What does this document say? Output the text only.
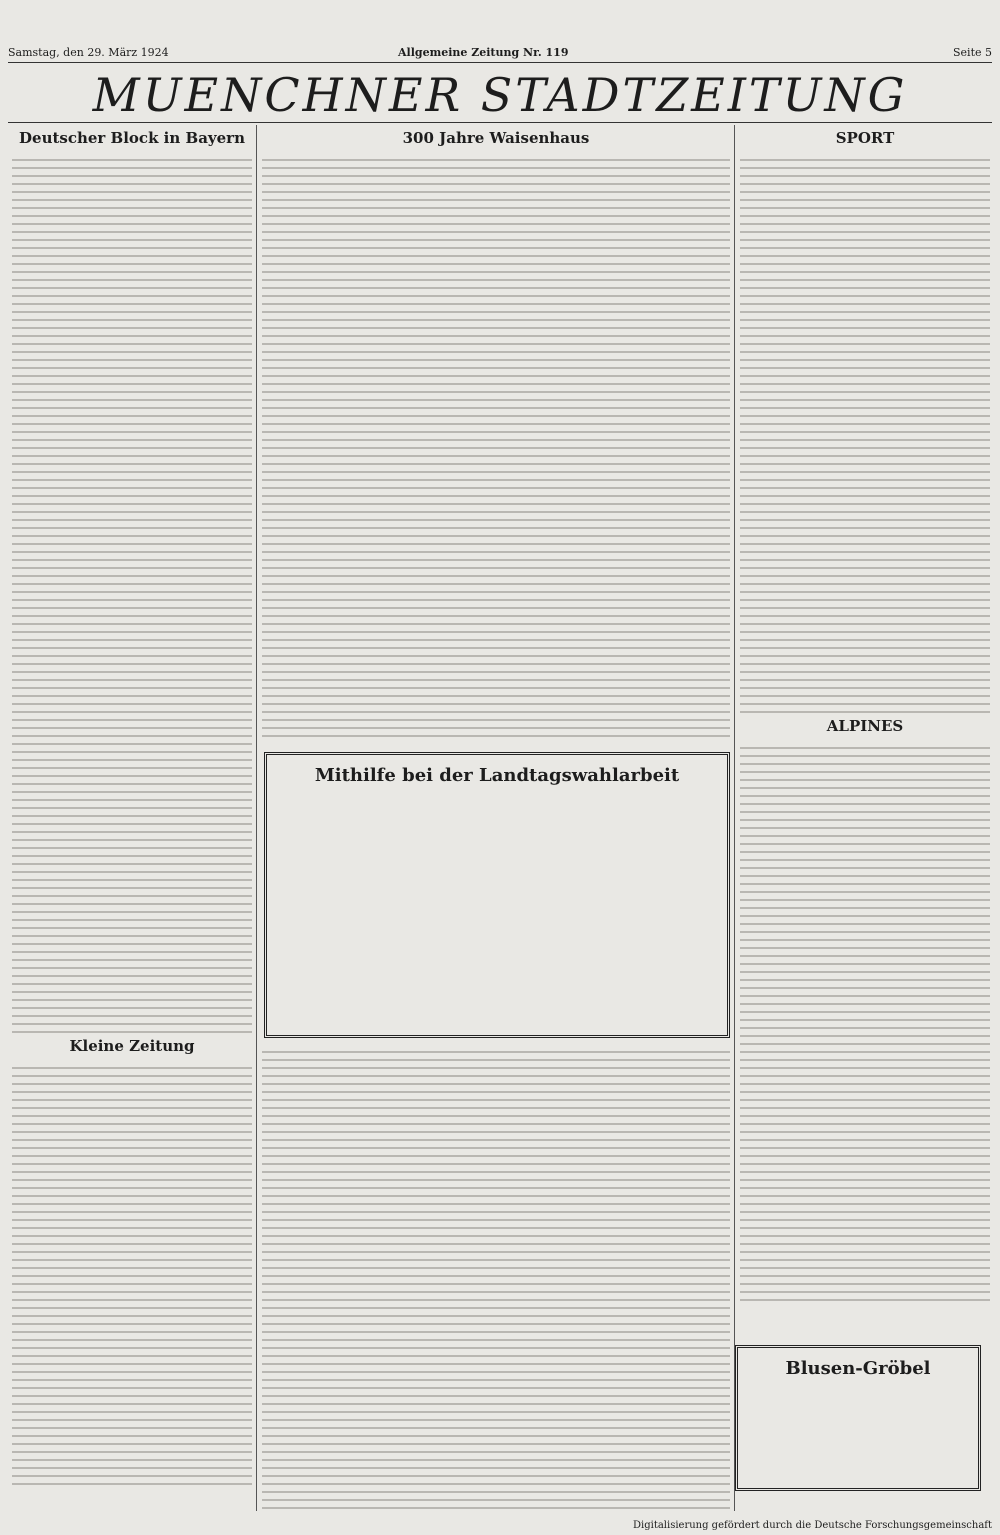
Samstag, den 29. März 1924	Allgemeine Zeitung Nr. 119	Seite 5
MUENCHNER STADTZEITUNG
Deutscher Block in Bayern
Kleine Zeitung
300 Jahre Waisenhaus
Mithilfe bei der Landtagswahlarbeit
SPORT
ALPINES
Blusen-Gröbel
Digitalisierung gefördert durch die Deutsche Forschungsgemeinschaft
